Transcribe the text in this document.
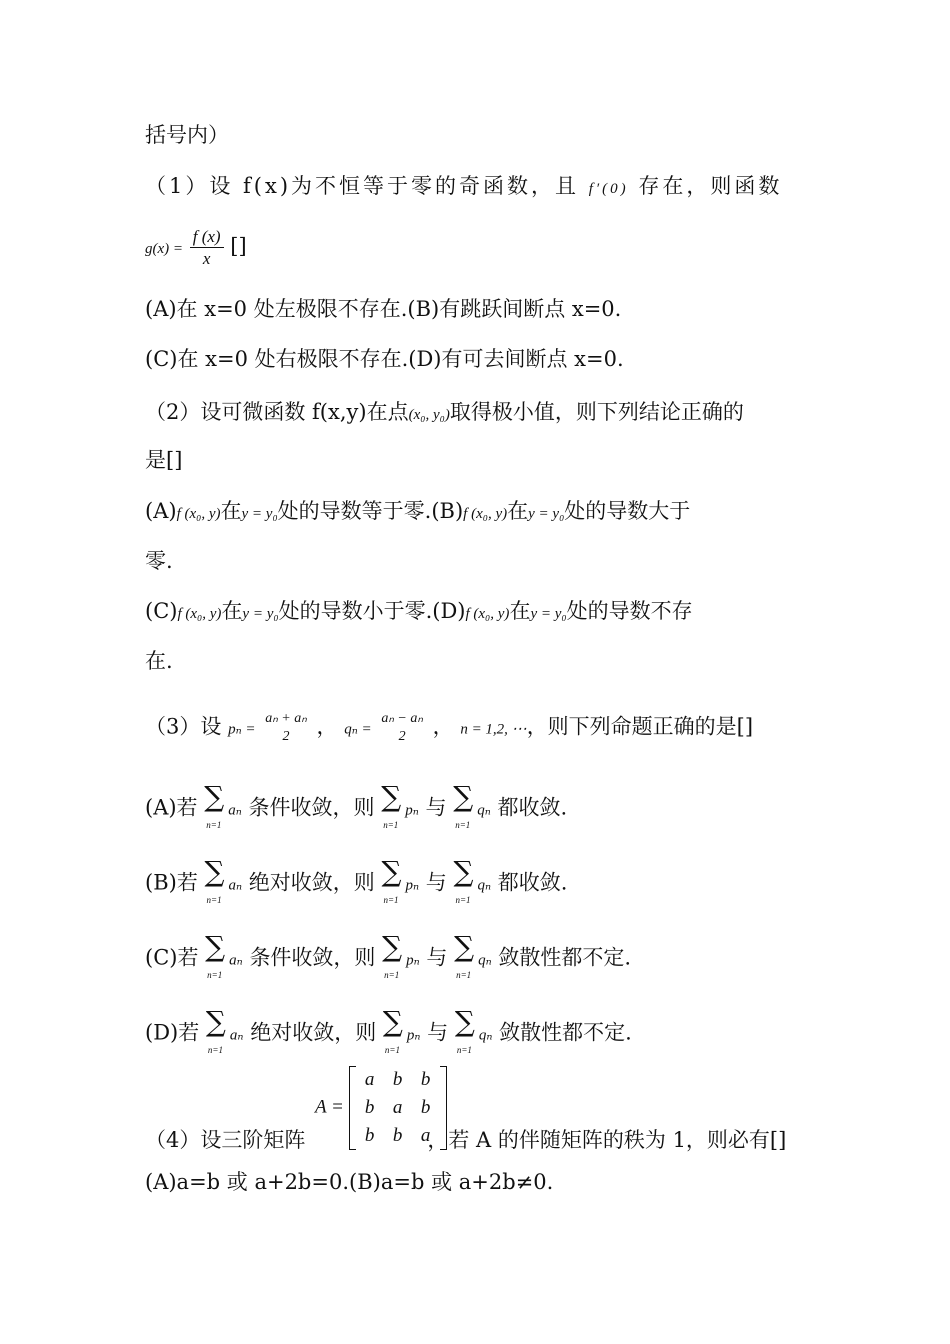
括号内）
（1）设 f(x)为不恒等于零的奇函数，且 f′(0) 存在，则函数
$g(x) = \frac{f (x)}{x}$ []
(A)在 x=0 处左极限不存在.(B)有跳跃间断点 x=0.
(C)在 x=0 处右极限不存在.(D)有可去间断点 x=0.
（2）设可微函数 f(x,y)在点(x₀, y₀)取得极小值，则下列结论正确的
是[]
(A)f (x₀, y)在y = y₀处的导数等于零.(B)f (x₀, y)在y = y₀处的导数大于
零.
(C)f (x₀, y)在y = y₀处的导数小于零.(D)f (x₀, y)在y = y₀处的导数不存
在.
（3）设 pₙ =
aₙ + aₙ
2	， qₙ =
aₙ − aₙ
2	， n = 1,2, ⋯，则下列命题正确的是[]
(A)若 ∑
n=1
aₙ 条件收敛，则 ∑
n=1
pₙ 与 ∑
n=1
qₙ 都收敛.
(B)若 ∑
n=1
aₙ 绝对收敛，则 ∑
n=1
pₙ 与 ∑
n=1
qₙ 都收敛.
(C)若 ∑
n=1
aₙ 条件收敛，则 ∑
n=1
pₙ 与 ∑
n=1
qₙ 敛散性都不定.
(D)若 ∑
n=1
aₙ 绝对收敛，则 ∑
n=1
pₙ 与 ∑
n=1
qₙ 敛散性都不定.
A = a	b	b
b	a	b
b	b	a
（4）设三阶矩阵	，若 A 的伴随矩阵的秩为 1，则必有[]
(A)a=b 或 a+2b=0.(B)a=b 或 a+2b≠0.
